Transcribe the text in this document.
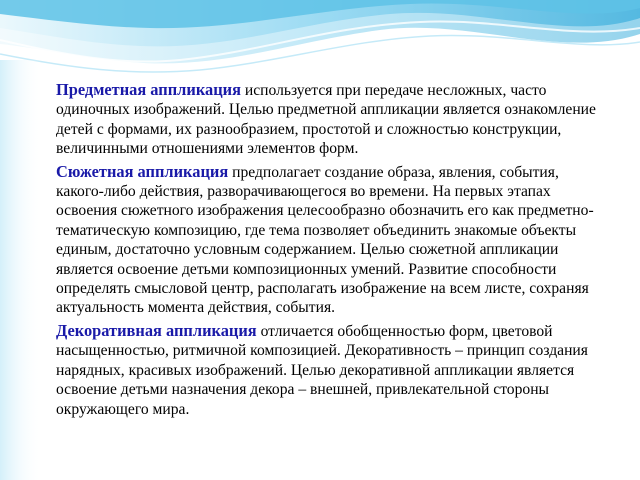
Предметная аппликация используется при передаче несложных, часто одиночных изображений. Целью предметной аппликации является ознакомление детей с формами, их разнообразием, простотой и сложностью конструкции, величинными отношениями элементов форм.

Сюжетная аппликация предполагает создание образа, явления, события, какого-либо действия, разворачивающегося во времени. На первых этапах освоения сюжетного изображения целесообразно обозначить его как предметно-тематическую композицию, где тема позволяет объединить знакомые объекты единым, достаточно условным содержанием. Целью сюжетной аппликации является освоение детьми композиционных умений. Развитие способности определять смысловой центр, располагать изображение на всем листе, сохраняя актуальность момента действия, события.

Декоративная аппликация отличается обобщенностью форм, цветовой насыщенностью, ритмичной композицией. Декоративность – принцип создания нарядных, красивых изображений. Целью декоративной аппликации является освоение детьми назначения декора – внешней, привлекательной стороны окружающего мира.
